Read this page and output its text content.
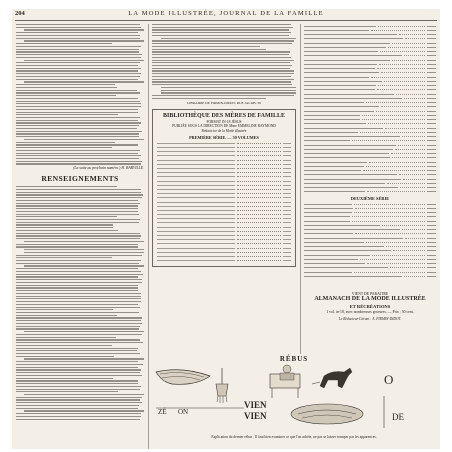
204	LA MODE ILLUSTRÉE, JOURNAL DE LA FAMILLE
(La suite au prochain numéro.) H. BARVILLE.
RENSEIGNEMENTS
LIBRAIRIE DE FIRMIN-DIDOT, RUE JACOB, 56
BIBLIOTHÈQUE DES MÈRES DE FAMILLE
FORMAT IN-18 JÉSUS
PUBLIÉE SOUS LA DIRECTION DE Mme EMMELINE RAYMOND
Rédactrice de la Mode illustrée
PREMIÈRE SÉRIE. — 50 VOLUMES
DEUXIÈME SÉRIE
VIENT DE PARAITRE
ALMANACH DE LA MODE ILLUSTRÉE
ET RÉCRÉATIONS
1 vol. in-18, avec nombreuses gravures. — Prix : 50 cent.
Le Rédacteur-Gérant : A. FIRMIN-DIDOT.
RÉBUS
O
ZÉ ON
VIEN
VIEN	DE
Explication du dernier rébus : Il faut bien examiner ce que l'on achète, ne pas se laisser tromper par les apparences.
